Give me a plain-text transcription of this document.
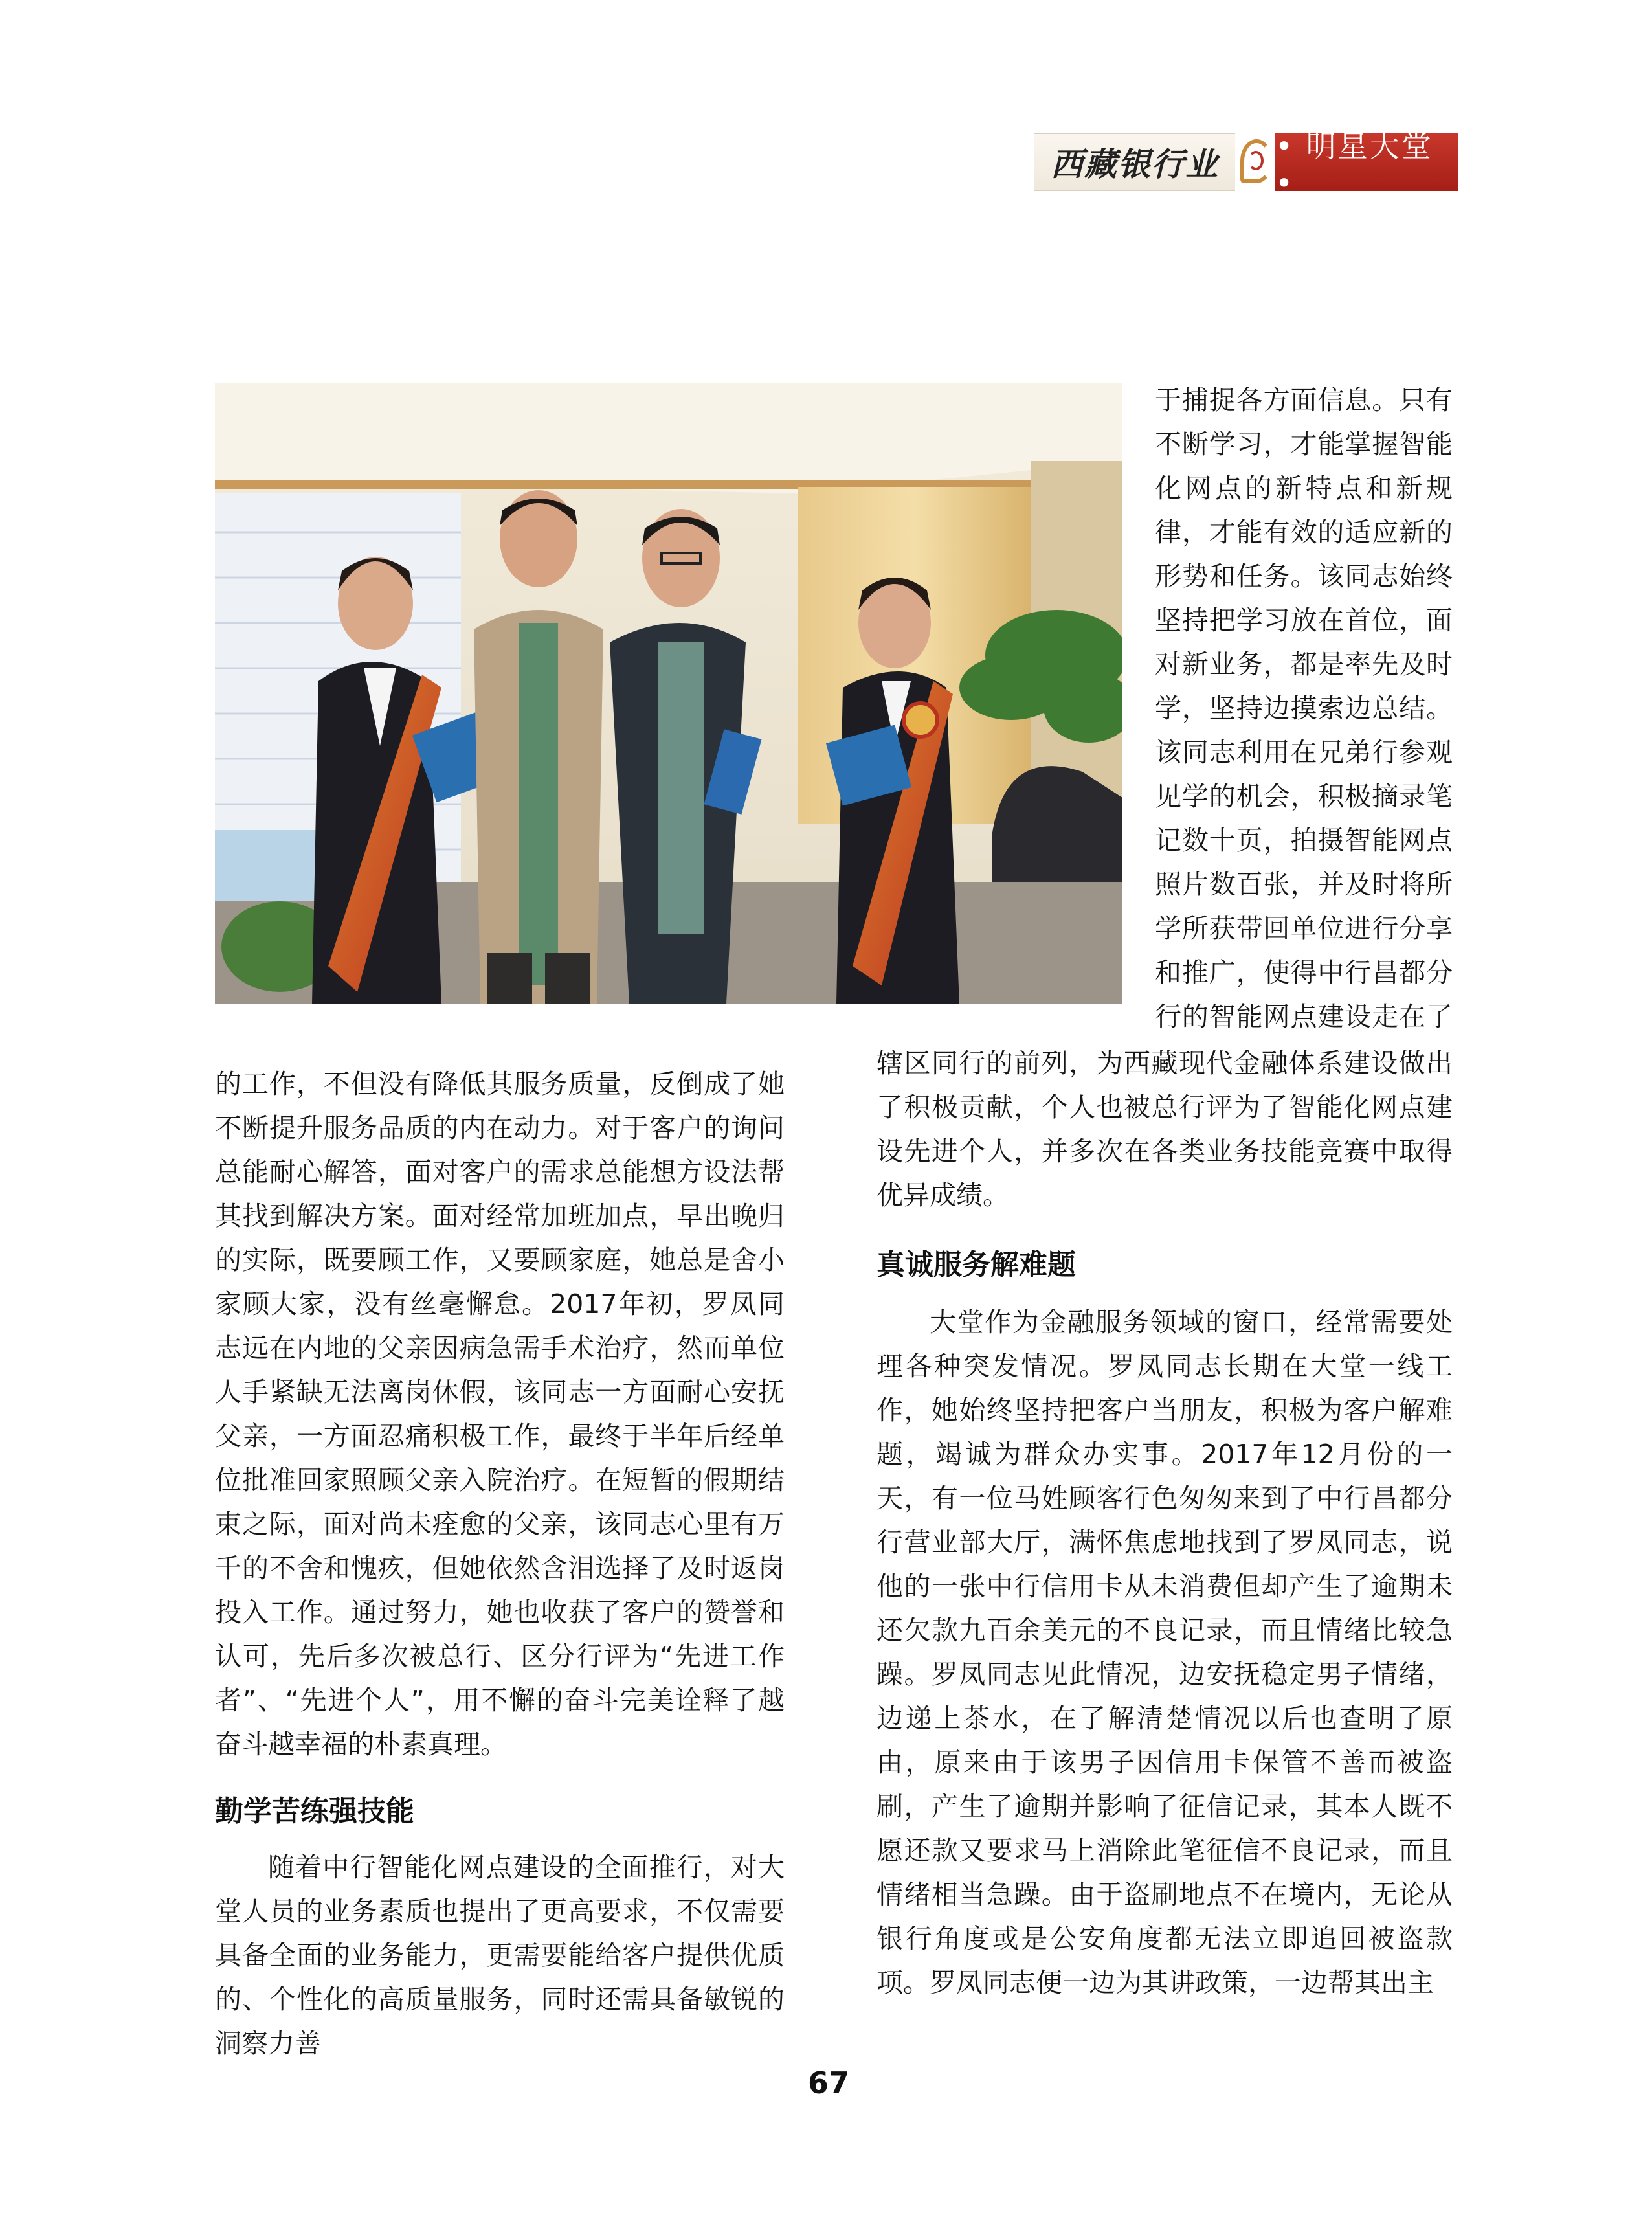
西藏银行业	• 明星大堂 •
于捕捉各方面信息。只有
不断学习，才能掌握智能
化网点的新特点和新规
律，才能有效的适应新的
形势和任务。该同志始终
坚持把学习放在首位，面
对新业务，都是率先及时
学，坚持边摸索边总结。
该同志利用在兄弟行参观
见学的机会，积极摘录笔
记数十页，拍摄智能网点
照片数百张，并及时将所
学所获带回单位进行分享
和推广，使得中行昌都分
行的智能网点建设走在了

的工作，不但没有降低其服务质量，反倒成了她不断提升服务品质的内在动力。对于客户的询问总能耐心解答，面对客户的需求总能想方设法帮其找到解决方案。面对经常加班加点，早出晚归的实际，既要顾工作，又要顾家庭，她总是舍小家顾大家，没有丝毫懈怠。2017年初，罗凤同志远在内地的父亲因病急需手术治疗，然而单位人手紧缺无法离岗休假，该同志一方面耐心安抚父亲，一方面忍痛积极工作，最终于半年后经单位批准回家照顾父亲入院治疗。在短暂的假期结束之际，面对尚未痊愈的父亲，该同志心里有万千的不舍和愧疚，但她依然含泪选择了及时返岗投入工作。通过努力，她也收获了客户的赞誉和认可，先后多次被总行、区分行评为“先进工作者”、“先进个人”，用不懈的奋斗完美诠释了越奋斗越幸福的朴素真理。

勤学苦练强技能

随着中行智能化网点建设的全面推行，对大堂人员的业务素质也提出了更高要求，不仅需要具备全面的业务能力，更需要能给客户提供优质的、个性化的高质量服务，同时还需具备敏锐的洞察力善

辖区同行的前列，为西藏现代金融体系建设做出了积极贡献，个人也被总行评为了智能化网点建设先进个人，并多次在各类业务技能竞赛中取得优异成绩。

真诚服务解难题

大堂作为金融服务领域的窗口，经常需要处理各种突发情况。罗凤同志长期在大堂一线工作，她始终坚持把客户当朋友，积极为客户解难题，竭诚为群众办实事。2017年12月份的一天，有一位马姓顾客行色匆匆来到了中行昌都分行营业部大厅，满怀焦虑地找到了罗凤同志，说他的一张中行信用卡从未消费但却产生了逾期未还欠款九百余美元的不良记录，而且情绪比较急躁。罗凤同志见此情况，边安抚稳定男子情绪，边递上茶水，在了解清楚情况以后也查明了原由，原来由于该男子因信用卡保管不善而被盗刷，产生了逾期并影响了征信记录，其本人既不愿还款又要求马上消除此笔征信不良记录，而且情绪相当急躁。由于盗刷地点不在境内，无论从银行角度或是公安角度都无法立即追回被盗款项。罗凤同志便一边为其讲政策，一边帮其出主

67
